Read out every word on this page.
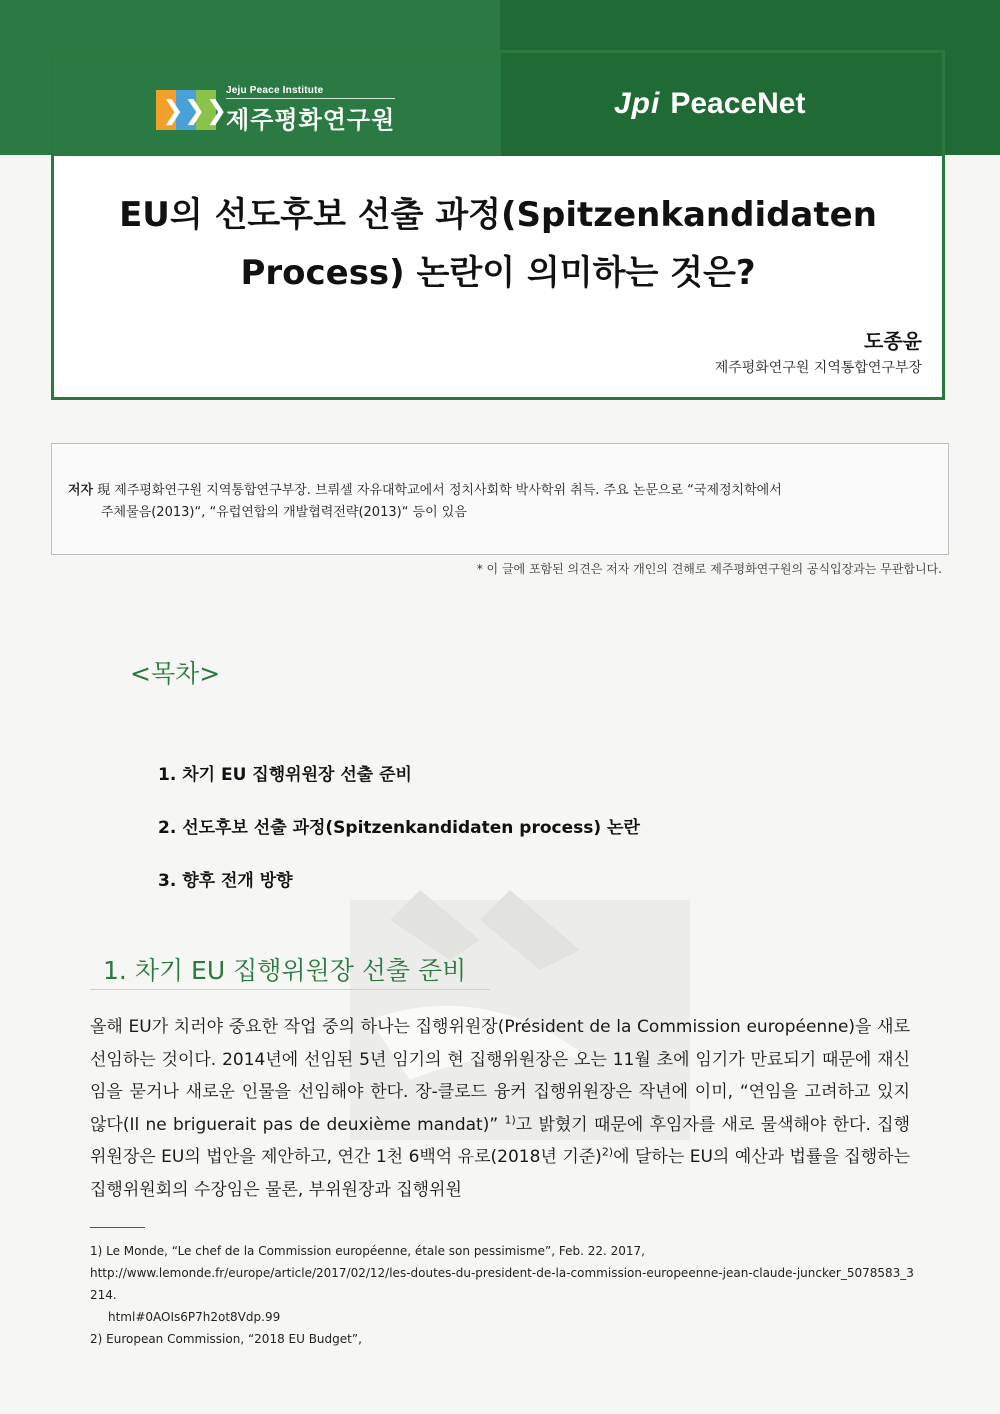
❯❯❯
Jeju Peace Institute
제주평화연구원	Jpi PeaceNet
EU의 선도후보 선출 과정(Spitzenkandidaten
Process) 논란이 의미하는 것은?
도종윤
제주평화연구원 지역통합연구부장
저자 現 제주평화연구원 지역통합연구부장. 브뤼셀 자유대학교에서 정치사회학 박사학위 취득. 주요 논문으로 “국제정치학에서
주체물음(2013)“, “유럽연합의 개발협력전략(2013)“ 등이 있음
* 이 글에 포함된 의견은 저자 개인의 견해로 제주평화연구원의 공식입장과는 무관합니다.
<목차>
1. 차기 EU 집행위원장 선출 준비
2. 선도후보 선출 과정(Spitzenkandidaten process) 논란
3. 향후 전개 방향
1. 차기 EU 집행위원장 선출 준비
올해 EU가 치러야 중요한 작업 중의 하나는 집행위원장(Président de la Commission européenne)을 새로 선임하는 것이다. 2014년에 선임된 5년 임기의 현 집행위원장은 오는 11월 초에 임기가 만료되기 때문에 재신임을 묻거나 새로운 인물을 선임해야 한다. 장-클로드 융커 집행위원장은 작년에 이미, “연임을 고려하고 있지 않다(Il ne briguerait pas de deuxième mandat)” $^{1)}$고 밝혔기 때문에 후임자를 새로 물색해야 한다. 집행위원장은 EU의 법안을 제안하고, 연간 1천 6백억 유로(2018년 기준)$^{2)}$에 달하는 EU의 예산과 법률을 집행하는 집행위원회의 수장임은 물론, 부위원장과 집행위원
1) Le Monde, “Le chef de la Commission européenne, étale son pessimisme”, Feb. 22. 2017,
http://www.lemonde.fr/europe/article/2017/02/12/les-doutes-du-president-de-la-commission-europeenne-jean-claude-juncker_5078583_3214.
html#0AOIs6P7h2ot8Vdp.99
2) European Commission, “2018 EU Budget”,
